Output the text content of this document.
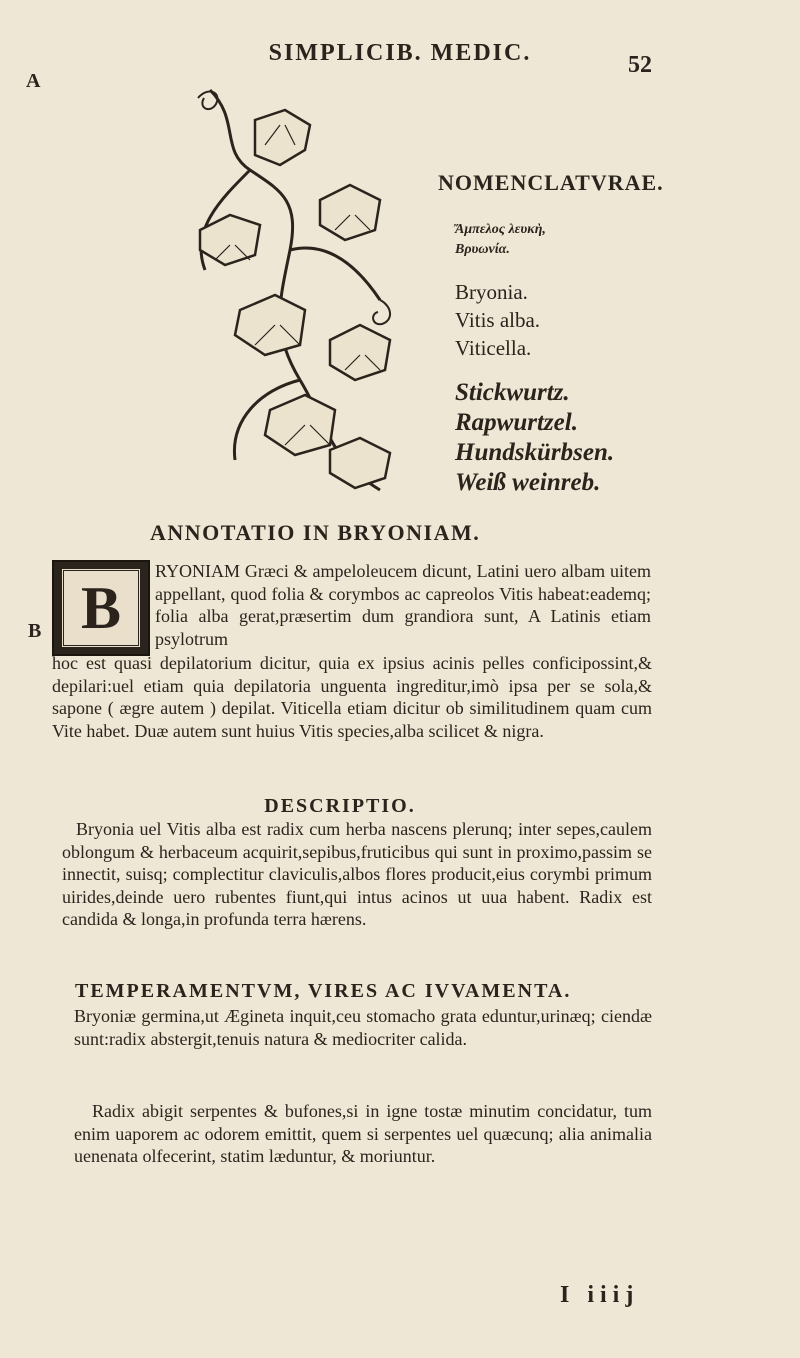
SIMPLICIB. MEDIC.	52
A
NOMENCLATVRAE.
Ἄμπελος λευκὴ,
Βρυωνία.
Bryonia.
Vitis alba.
Viticella.
Stickwurtz.
Rapwurtzel.
Hundskürbsen.
Weiß weinreb.
ANNOTATIO IN BRYONIAM.
B B

RYONIAM Græci & ampeloleucem dicunt, Latini uero albam uitem appellant, quod folia & corymbos ac capreolos Vitis habeat:eademq; folia alba gerat,præsertim dum grandiora sunt, A Latinis etiam psylotrum

hoc est quasi depilatorium dicitur, quia ex ipsius acinis pelles conficipossint,& depilari:uel etiam quia depilatoria unguenta ingreditur,imò ipsa per se sola,& sapone ( ægre autem ) depilat. Viticella etiam dicitur ob similitudinem quam cum Vite habet. Duæ autem sunt huius Vitis species,alba scilicet & nigra.

DESCRIPTIO.

Bryonia uel Vitis alba est radix cum herba nascens plerunq; inter sepes,caulem oblongum & herbaceum acquirit,sepibus,fruticibus qui sunt in proximo,passim se innectit, suisq; complectitur claviculis,albos flores producit,eius corymbi primum uirides,deinde uero rubentes fiunt,qui intus acinos ut uua habent. Radix est candida & longa,in profunda terra hærens.

TEMPERAMENTVM, VIRES AC IVVAMENTA.

Bryoniæ germina,ut Æginetа inquit,ceu stomacho grata eduntur,urinæq; ciendæ sunt:radix abstergit,tenuis natura & mediocriter calida.

Radix abigit serpentes & bufones,si in igne tostæ minutim concidatur, tum enim uaporem ac odorem emittit, quem si serpentes uel quæcunq; alia animalia uenenata olfecerint, statim læduntur, & moriuntur.

I iiij
